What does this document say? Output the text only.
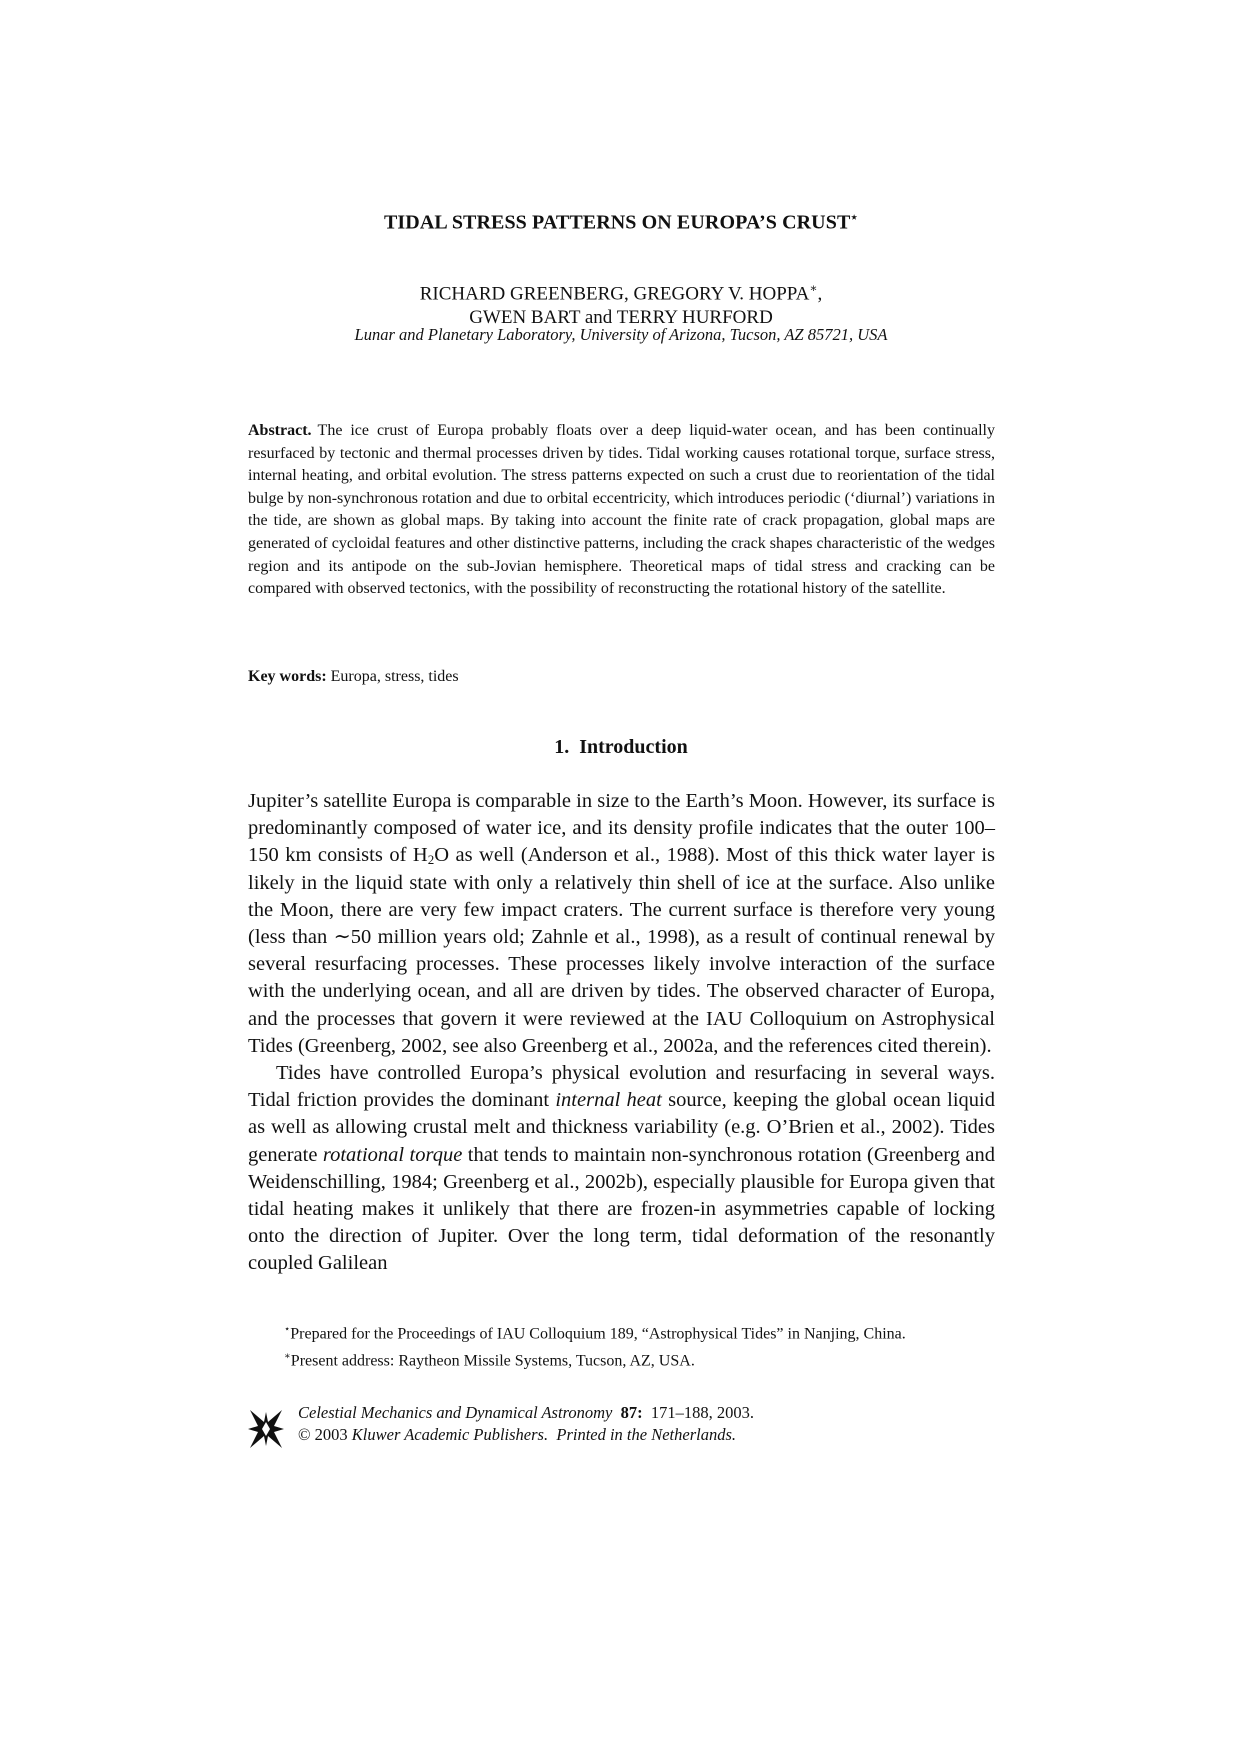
TIDAL STRESS PATTERNS ON EUROPA’S CRUST⋆
RICHARD GREENBERG, GREGORY V. HOPPA∗,
GWEN BART and TERRY HURFORD
Lunar and Planetary Laboratory, University of Arizona, Tucson, AZ 85721, USA
Abstract. The ice crust of Europa probably floats over a deep liquid-water ocean, and has been continually resurfaced by tectonic and thermal processes driven by tides. Tidal working causes rotational torque, surface stress, internal heating, and orbital evolution. The stress patterns expected on such a crust due to reorientation of the tidal bulge by non-synchronous rotation and due to orbital eccentricity, which introduces periodic (‘diurnal’) variations in the tide, are shown as global maps. By taking into account the finite rate of crack propagation, global maps are generated of cycloidal features and other distinctive patterns, including the crack shapes characteristic of the wedges region and its antipode on the sub-Jovian hemisphere. Theoretical maps of tidal stress and cracking can be compared with observed tectonics, with the possibility of reconstructing the rotational history of the satellite.
Key words: Europa, stress, tides
1. Introduction

Jupiter’s satellite Europa is comparable in size to the Earth’s Moon. However, its surface is predominantly composed of water ice, and its density profile indicates that the outer 100–150 km consists of $H_2O$ as well (Anderson et al., 1988). Most of this thick water layer is likely in the liquid state with only a relatively thin shell of ice at the surface. Also unlike the Moon, there are very few impact craters. The current surface is therefore very young (less than ∼50 million years old; Zahnle et al., 1998), as a result of continual renewal by several resurfacing processes. These processes likely involve interaction of the surface with the underlying ocean, and all are driven by tides. The observed character of Europa, and the processes that govern it were reviewed at the IAU Colloquium on Astrophysical Tides (Greenberg, 2002, see also Greenberg et al., 2002a, and the references cited therein).

Tides have controlled Europa’s physical evolution and resurfacing in several ways. Tidal friction provides the dominant internal heat source, keeping the global ocean liquid as well as allowing crustal melt and thickness variability (e.g. O’Brien et al., 2002). Tides generate rotational torque that tends to maintain non-synchronous rotation (Greenberg and Weidenschilling, 1984; Greenberg et al., 2002b), especially plausible for Europa given that tidal heating makes it unlikely that there are frozen-in asymmetries capable of locking onto the direction of Jupiter. Over the long term, tidal deformation of the resonantly coupled Galilean

⋆Prepared for the Proceedings of IAU Colloquium 189, “Astrophysical Tides” in Nanjing, China.

∗Present address: Raytheon Missile Systems, Tucson, AZ, USA.

Celestial Mechanics and Dynamical Astronomy 87: 171–188, 2003.
© 2003 Kluwer Academic Publishers. Printed in the Netherlands.
